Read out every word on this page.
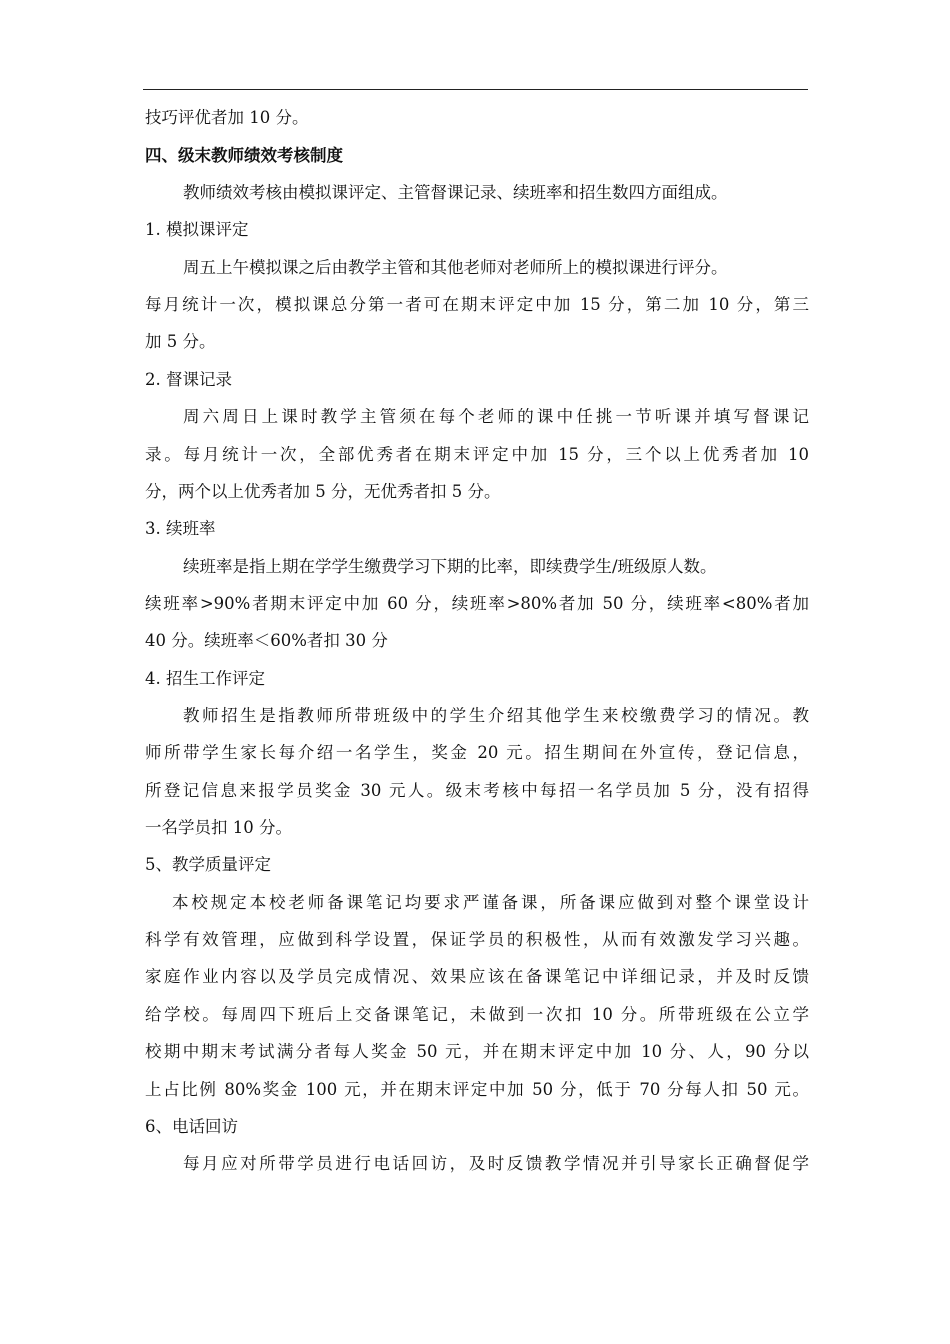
技巧评优者加 10 分。
四、级末教师绩效考核制度
教师绩效考核由模拟课评定、主管督课记录、续班率和招生数四方面组成。
1. 模拟课评定
周五上午模拟课之后由教学主管和其他老师对老师所上的模拟课进行评分。
每月统计一次，模拟课总分第一者可在期末评定中加 15 分，第二加 10 分，第三
加 5 分。
2. 督课记录
周六周日上课时教学主管须在每个老师的课中任挑一节听课并填写督课记
录。每月统计一次，全部优秀者在期末评定中加 15 分，三个以上优秀者加 10
分，两个以上优秀者加 5 分，无优秀者扣 5 分。
3. 续班率
续班率是指上期在学学生缴费学习下期的比率，即续费学生/班级原人数。
续班率>90%者期末评定中加 60 分，续班率>80%者加 50 分，续班率<80%者加
40 分。续班率＜60%者扣 30 分
4. 招生工作评定
教师招生是指教师所带班级中的学生介绍其他学生来校缴费学习的情况。教
师所带学生家长每介绍一名学生，奖金 20 元。招生期间在外宣传，登记信息，
所登记信息来报学员奖金 30 元人。级末考核中每招一名学员加 5 分，没有招得
一名学员扣 10 分。
5、教学质量评定
本校规定本校老师备课笔记均要求严谨备课，所备课应做到对整个课堂设计
科学有效管理，应做到科学设置，保证学员的积极性，从而有效激发学习兴趣。
家庭作业内容以及学员完成情况、效果应该在备课笔记中详细记录，并及时反馈
给学校。每周四下班后上交备课笔记，未做到一次扣 10 分。所带班级在公立学
校期中期末考试满分者每人奖金 50 元，并在期末评定中加 10 分、人，90 分以
上占比例 80%奖金 100 元，并在期末评定中加 50 分，低于 70 分每人扣 50 元。
6、电话回访
每月应对所带学员进行电话回访，及时反馈教学情况并引导家长正确督促学
